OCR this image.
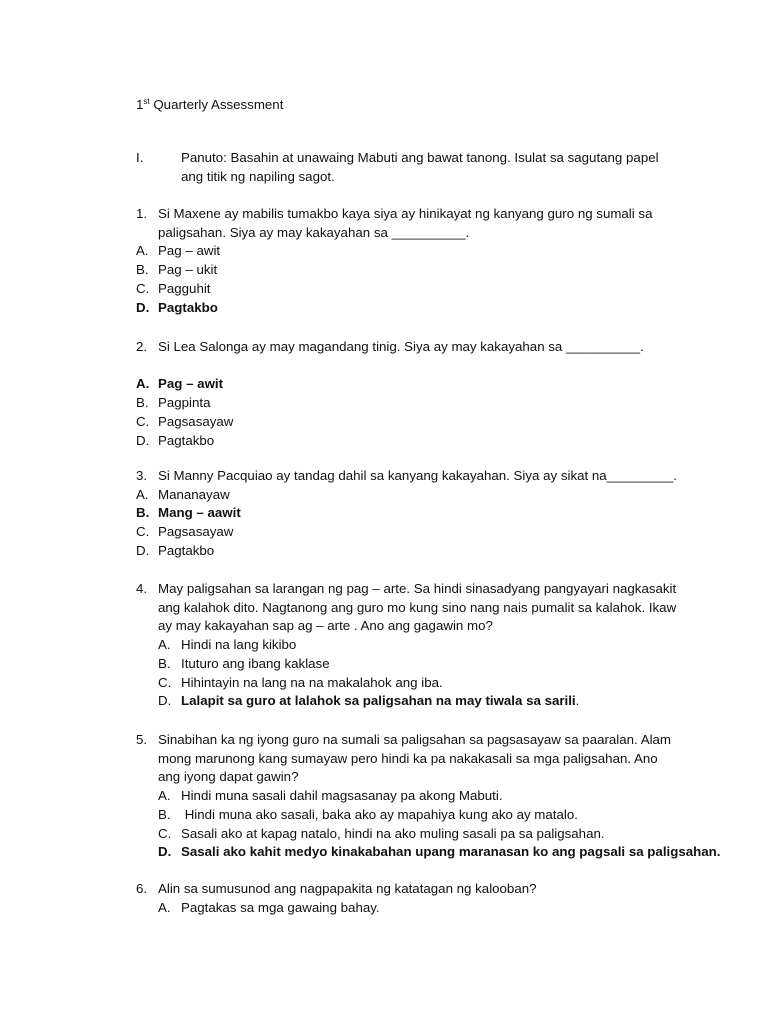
1st Quarterly Assessment
I.	Panuto: Basahin at unawaing Mabuti ang bawat tanong. Isulat sa sagutang papel ang titik ng napiling sagot.
1. Si Maxene ay mabilis tumakbo kaya siya ay hinikayat ng kanyang guro ng sumali sa paligsahan. Siya ay may kakayahan sa __________.
A. Pag – awit
B. Pag – ukit
C. Pagguhit
D. Pagtakbo
2. Si Lea Salonga ay may magandang tinig. Siya ay may kakayahan sa __________.
A. Pag – awit
B. Pagpinta
C. Pagsasayaw
D. Pagtakbo
3. Si Manny Pacquiao ay tandag dahil sa kanyang kakayahan. Siya ay sikat na_________.
A. Mananayaw
B. Mang – aawit
C. Pagsasayaw
D. Pagtakbo
4. May paligsahan sa larangan ng pag – arte. Sa hindi sinasadyang pangyayari nagkasakit ang kalahok dito. Nagtanong ang guro mo kung sino nang nais pumalit sa kalahok. Ikaw ay may kakayahan sap ag – arte . Ano ang gagawin mo?
A. Hindi na lang kikibo
B. Ituturo ang ibang kaklase
C. Hihintayin na lang na na makalahok ang iba.
D. Lalapit sa guro at lalahok sa paligsahan na may tiwala sa sarili .
5. Sinabihan ka ng iyong guro na sumali sa paligsahan sa pagsasayaw sa paaralan. Alam mong marunong kang sumayaw pero hindi ka pa nakakasali sa mga paligsahan. Ano ang iyong dapat gawin?
A. Hindi muna sasali dahil magsasanay pa akong Mabuti.
B. Hindi muna ako sasali, baka ako ay mapahiya kung ako ay matalo.
C. Sasali ako at kapag natalo, hindi na ako muling sasali pa sa paligsahan.
D. Sasali ako kahit medyo kinakabahan upang maranasan ko ang pagsali sa paligsahan.
6. Alin sa sumusunod ang nagpapakita ng katatagan ng kalooban?
A. Pagtakas sa mga gawaing bahay.
